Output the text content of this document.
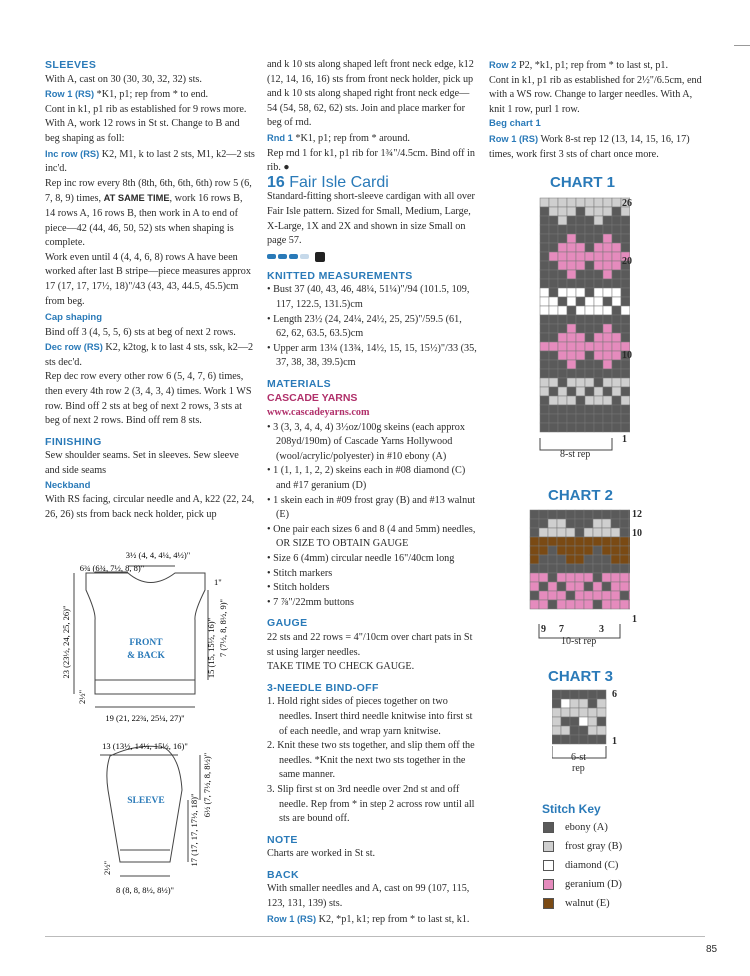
SLEEVES

With A, cast on 30 (30, 30, 32, 32) sts.

Row 1 (RS) *K1, p1; rep from * to end.

Cont in k1, p1 rib as established for 9 rows more. With A, work 12 rows in St st. Change to B and beg shaping as foll:

Inc row (RS) K2, M1, k to last 2 sts, M1, k2—2 sts inc'd.

Rep inc row every 8th (8th, 6th, 6th, 6th) row 5 (6, 7, 8, 9) times, AT SAME TIME, work 16 rows B, 14 rows A, 16 rows B, then work in A to end of piece—42 (44, 46, 50, 52) sts when shaping is complete.

Work even until 4 (4, 4, 6, 8) rows A have been worked after last B stripe—piece measures approx 17 (17, 17, 17½, 18)"/43 (43, 43, 44.5, 45.5)cm from beg.

Cap shaping

Bind off 3 (4, 5, 5, 6) sts at beg of next 2 rows.

Dec row (RS) K2, k2tog, k to last 4 sts, ssk, k2—2 sts dec'd.

Rep dec row every other row 6 (5, 4, 7, 6) times, then every 4th row 2 (3, 4, 3, 4) times. Work 1 WS row. Bind off 2 sts at beg of next 2 rows, 3 sts at beg of next 2 rows. Bind off rem 8 sts.

FINISHING

Sew shoulder seams. Set in sleeves. Sew sleeve and side seams

Neckband

With RS facing, circular needle and A, k22 (22, 24, 26, 26) sts from back neck holder, pick up

FRONT
& BACK
SLEEVE
3½ (4, 4, 4¼, 4½)"
6¾ (6¾, 7½, 8, 8)"
1"
7 (7½, 8, 8½, 9)"
23 (23½, 24, 25, 26)"	15 (15, 15½, 16)"
2½"
19 (21, 22¾, 25¼, 27)"
13 (13½, 14¼, 15½, 16)"
6½ (7, 7½, 8, 8½)"
17 (17, 17, 17½, 18)"
2½"
8 (8, 8, 8½, 8½)"

and k 10 sts along shaped left front neck edge, k12 (12, 14, 16, 16) sts from front neck holder, pick up and k 10 sts along shaped right front neck edge—54 (54, 58, 62, 62) sts. Join and place marker for beg of rnd.

Rnd 1 *K1, p1; rep from * around.

Rep rnd 1 for k1, p1 rib for 1¾"/4.5cm. Bind off in rib. ●

16 Fair Isle Cardi

Standard-fitting short-sleeve cardigan with all over Fair Isle pattern. Sized for Small, Medium, Large, X-Large, 1X and 2X and shown in size Small on page 57.

KNITTED MEASUREMENTS

• Bust 37 (40, 43, 46, 48¼, 51¼)"/94 (101.5, 109, 117, 122.5, 131.5)cm
• Length 23½ (24, 24¼, 24½, 25, 25)"/59.5 (61, 62, 62, 63.5, 63.5)cm
• Upper arm 13¼ (13¾, 14½, 15, 15, 15½)"/33 (35, 37, 38, 38, 39.5)cm

MATERIALS

CASCADE YARNS

www.cascadeyarns.com

• 3 (3, 3, 4, 4, 4) 3½oz/100g skeins (each approx 208yd/190m) of Cascade Yarns Hollywood (wool/acrylic/polyester) in #10 ebony (A)
• 1 (1, 1, 1, 2, 2) skeins each in #08 diamond (C) and #17 geranium (D)
• 1 skein each in #09 frost gray (B) and #13 walnut (E)
• One pair each sizes 6 and 8 (4 and 5mm) needles, OR SIZE TO OBTAIN GAUGE
• Size 6 (4mm) circular needle 16"/40cm long
• Stitch markers
• Stitch holders
• 7 ⅞"/22mm buttons

GAUGE

22 sts and 22 rows = 4"/10cm over chart pats in St st using larger needles.

TAKE TIME TO CHECK GAUGE.

3-NEEDLE BIND-OFF

1. Hold right sides of pieces together on two needles. Insert third needle knitwise into first st of each needle, and wrap yarn knitwise.
2. Knit these two sts together, and slip them off the needles. *Knit the next two sts together in the same manner.
3. Slip first st on 3rd needle over 2nd st and off needle. Rep from * in step 2 across row until all sts are bound off.

NOTE

Charts are worked in St st.

BACK

With smaller needles and A, cast on 99 (107, 115, 123, 131, 139) sts.

Row 1 (RS) K2, *p1, k1; rep from * to last st, k1.

Row 2 P2, *k1, p1; rep from * to last st, p1.

Cont in k1, p1 rib as established for 2½"/6.5cm, end with a WS row. Change to larger needles. With A, knit 1 row, purl 1 row.

Beg chart 1

Row 1 (RS) Work 8-st rep 12 (13, 14, 15, 16, 17) times, work first 3 sts of chart once more.

CHART 1
26
20
10
1
8-st rep
CHART 2
12
10
1
9 7	3
10-st rep
CHART 3
6
1
6-st
rep
Stitch Key
ebony (A)
frost gray (B)
diamond (C)
geranium (D)
walnut (E)
85
